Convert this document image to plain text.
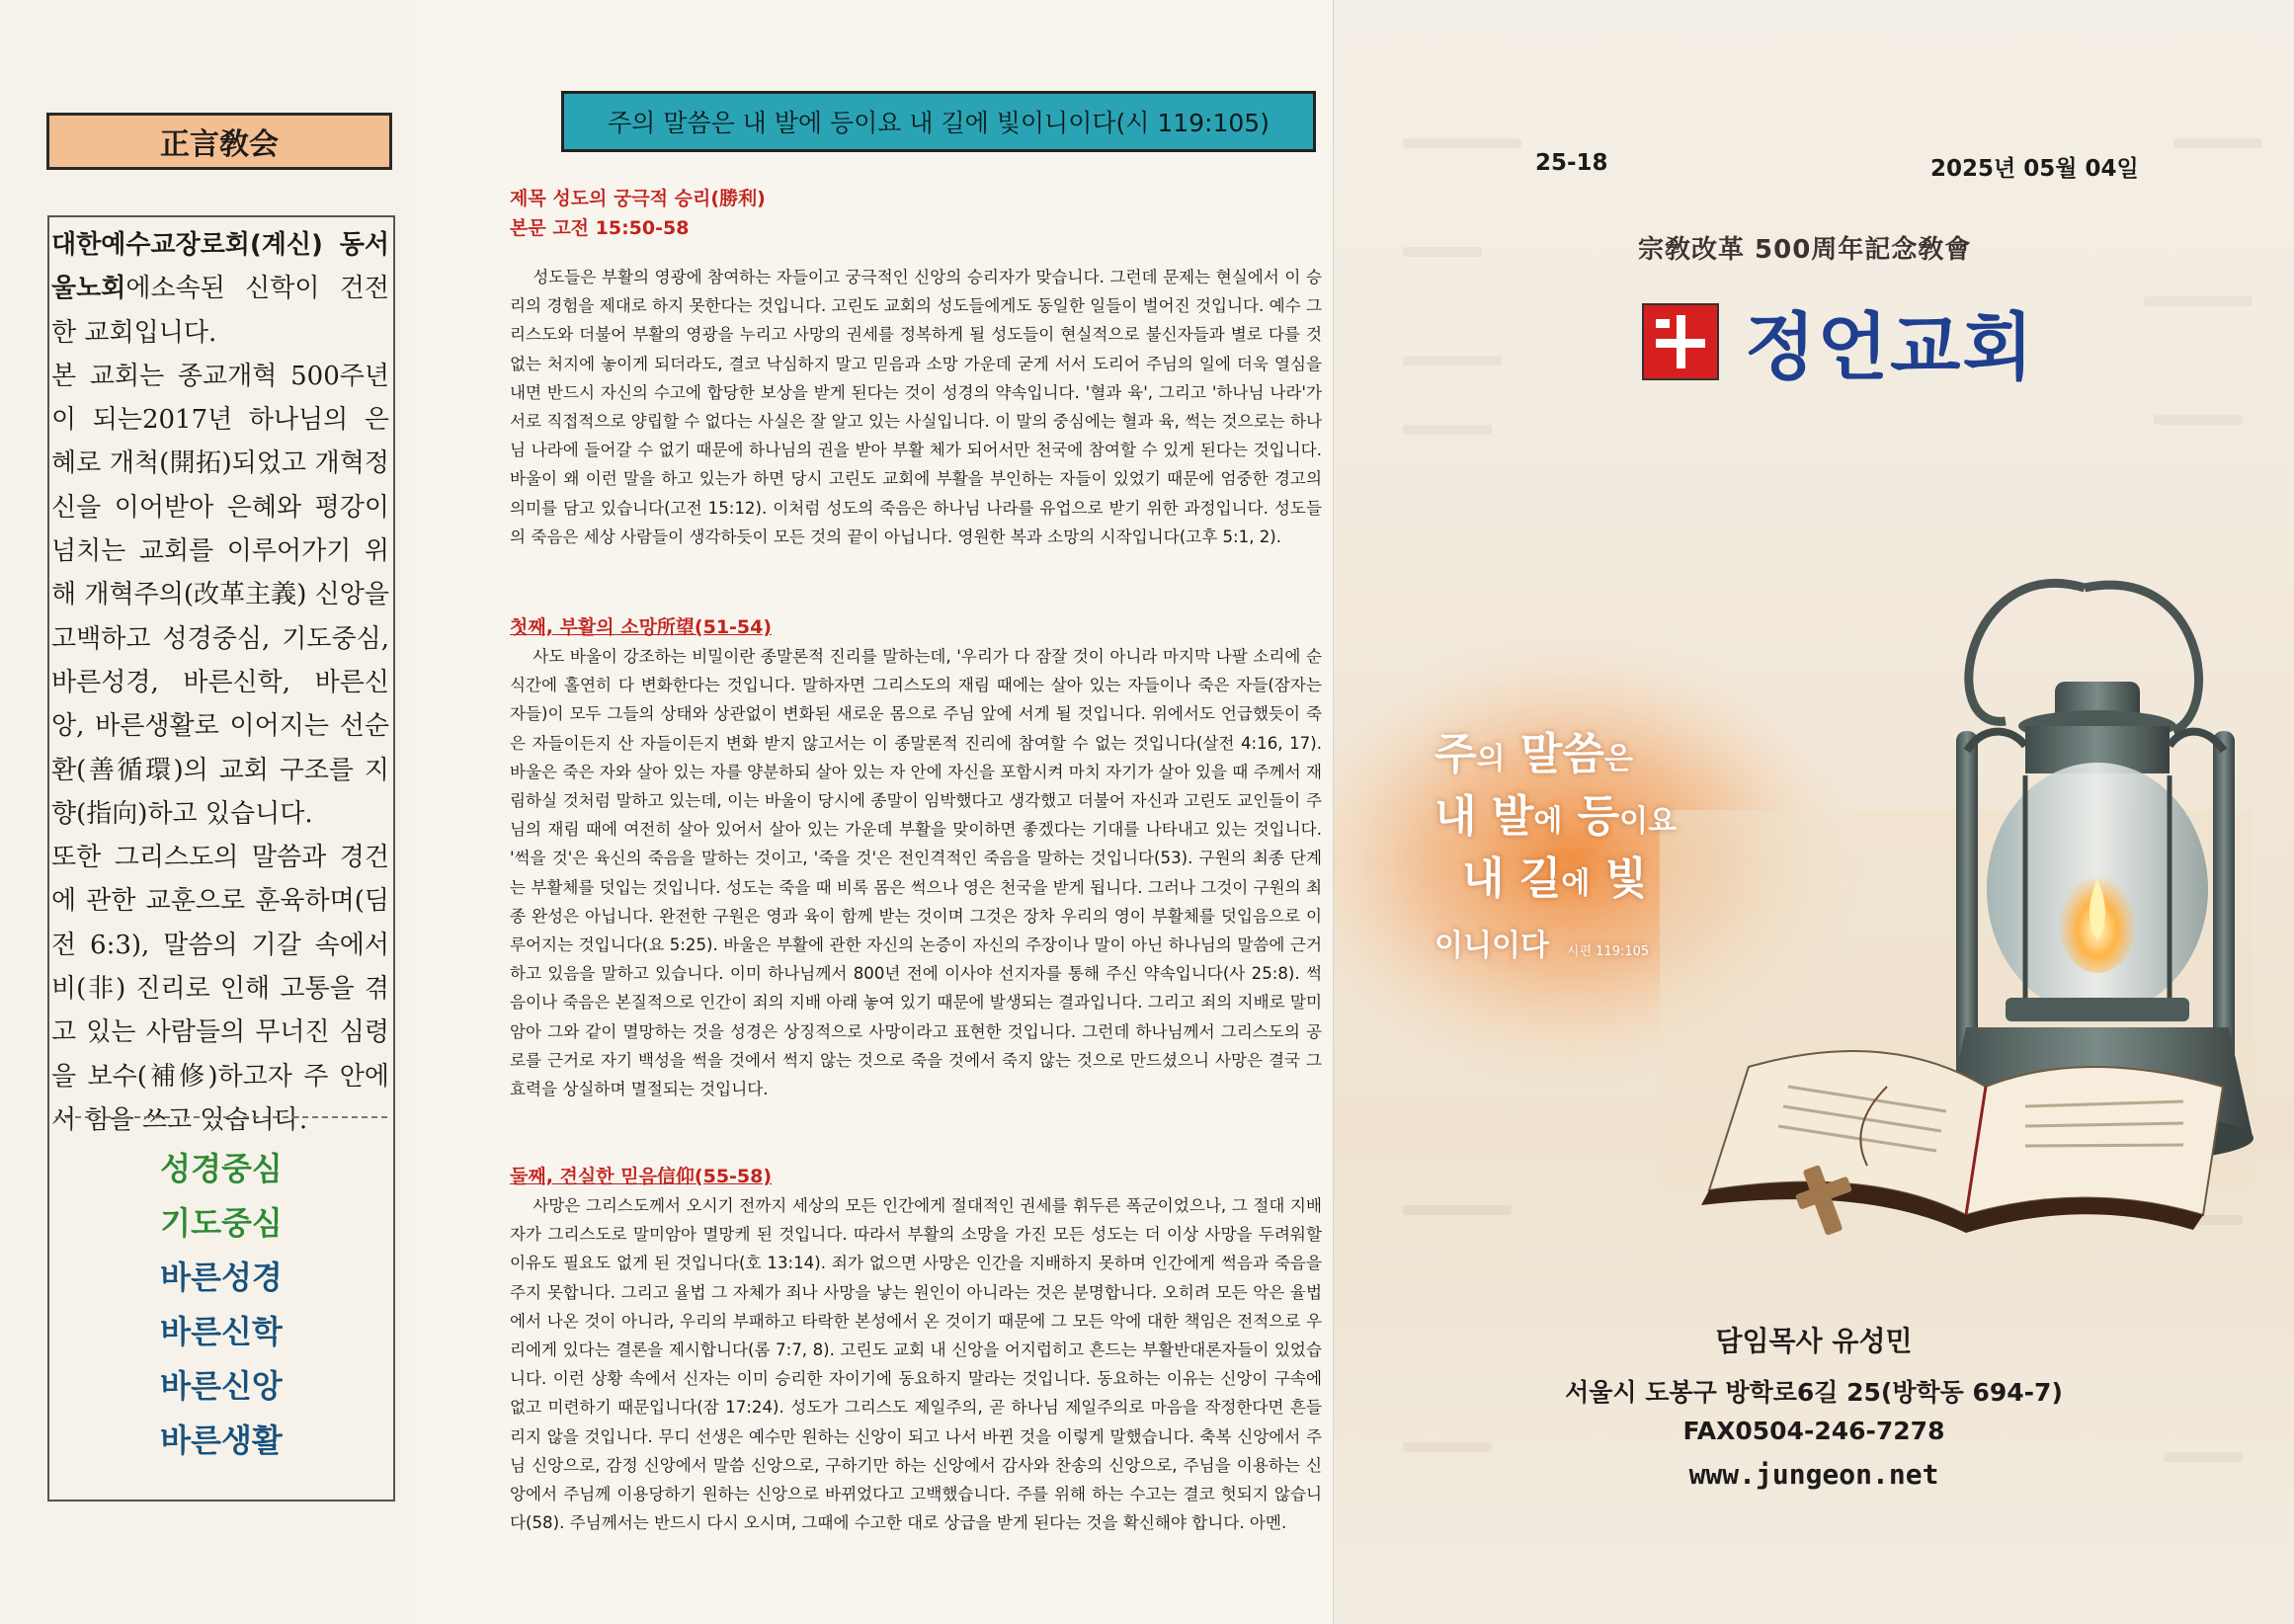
正言敎会

대한예수교장로회(계신) 동서울노회에소속된 신학이 건전한 교회입니다.

본 교회는 종교개혁 500주년이 되는2017년 하나님의 은혜로 개척(開拓)되었고 개혁정신을 이어받아 은혜와 평강이 넘치는 교회를 이루어가기 위해 개혁주의(改革主義) 신앙을 고백하고 성경중심, 기도중심, 바른성경, 바른신학, 바른신앙, 바른생활로 이어지는 선순환(善循環)의 교회 구조를 지향(指向)하고 있습니다.

또한 그리스도의 말씀과 경건에 관한 교훈으로 훈육하며(딤전 6:3), 말씀의 기갈 속에서 비(非) 진리로 인해 고통을 겪고 있는 사람들의 무너진 심령을 보수(補修)하고자 주 안에서 힘을 쓰고 있습니다.

성경중심
기도중심
바른성경
바른신학
바른신앙
바른생활
주의 말씀은 내 발에 등이요 내 길에 빛이니이다(시 119:105)
제목 성도의 궁극적 승리(勝利)
본문 고전 15:50-58

성도들은 부활의 영광에 참여하는 자들이고 궁극적인 신앙의 승리자가 맞습니다. 그런데 문제는 현실에서 이 승리의 경험을 제대로 하지 못한다는 것입니다. 고린도 교회의 성도들에게도 동일한 일들이 벌어진 것입니다. 예수 그리스도와 더불어 부활의 영광을 누리고 사망의 권세를 정복하게 될 성도들이 현실적으로 불신자들과 별로 다를 것 없는 처지에 놓이게 되더라도, 결코 낙심하지 말고 믿음과 소망 가운데 굳게 서서 도리어 주님의 일에 더욱 열심을 내면 반드시 자신의 수고에 합당한 보상을 받게 된다는 것이 성경의 약속입니다. '혈과 육', 그리고 '하나님 나라'가 서로 직접적으로 양립할 수 없다는 사실은 잘 알고 있는 사실입니다. 이 말의 중심에는 혈과 육, 썩는 것으로는 하나님 나라에 들어갈 수 없기 때문에 하나님의 권을 받아 부활 체가 되어서만 천국에 참여할 수 있게 된다는 것입니다. 바울이 왜 이런 말을 하고 있는가 하면 당시 고린도 교회에 부활을 부인하는 자들이 있었기 때문에 엄중한 경고의 의미를 담고 있습니다(고전 15:12). 이처럼 성도의 죽음은 하나님 나라를 유업으로 받기 위한 과정입니다. 성도들의 죽음은 세상 사람들이 생각하듯이 모든 것의 끝이 아닙니다. 영원한 복과 소망의 시작입니다(고후 5:1, 2).

첫째, 부활의 소망所望(51-54)

사도 바울이 강조하는 비밀이란 종말론적 진리를 말하는데, '우리가 다 잠잘 것이 아니라 마지막 나팔 소리에 순식간에 홀연히 다 변화한다는 것입니다. 말하자면 그리스도의 재림 때에는 살아 있는 자들이나 죽은 자들(잠자는 자들)이 모두 그들의 상태와 상관없이 변화된 새로운 몸으로 주님 앞에 서게 될 것입니다. 위에서도 언급했듯이 죽은 자들이든지 산 자들이든지 변화 받지 않고서는 이 종말론적 진리에 참여할 수 없는 것입니다(살전 4:16, 17). 바울은 죽은 자와 살아 있는 자를 양분하되 살아 있는 자 안에 자신을 포함시켜 마치 자기가 살아 있을 때 주께서 재림하실 것처럼 말하고 있는데, 이는 바울이 당시에 종말이 임박했다고 생각했고 더불어 자신과 고린도 교인들이 주님의 재림 때에 여전히 살아 있어서 살아 있는 가운데 부활을 맞이하면 좋겠다는 기대를 나타내고 있는 것입니다. '썩을 것'은 육신의 죽음을 말하는 것이고, '죽을 것'은 전인격적인 죽음을 말하는 것입니다(53). 구원의 최종 단계는 부활체를 덧입는 것입니다. 성도는 죽을 때 비록 몸은 썩으나 영은 천국을 받게 됩니다. 그러나 그것이 구원의 최종 완성은 아닙니다. 완전한 구원은 영과 육이 함께 받는 것이며 그것은 장차 우리의 영이 부활체를 덧입음으로 이루어지는 것입니다(요 5:25). 바울은 부활에 관한 자신의 논증이 자신의 주장이나 말이 아닌 하나님의 말씀에 근거하고 있음을 말하고 있습니다. 이미 하나님께서 800년 전에 이사야 선지자를 통해 주신 약속입니다(사 25:8). 썩음이나 죽음은 본질적으로 인간이 죄의 지배 아래 놓여 있기 때문에 발생되는 결과입니다. 그리고 죄의 지배로 말미암아 그와 같이 멸망하는 것을 성경은 상징적으로 사망이라고 표현한 것입니다. 그런데 하나님께서 그리스도의 공로를 근거로 자기 백성을 썩을 것에서 썩지 않는 것으로 죽을 것에서 죽지 않는 것으로 만드셨으니 사망은 결국 그 효력을 상실하며 멸절되는 것입니다.

둘째, 견실한 믿음信仰(55-58)

사망은 그리스도께서 오시기 전까지 세상의 모든 인간에게 절대적인 권세를 휘두른 폭군이었으나, 그 절대 지배자가 그리스도로 말미암아 멸망케 된 것입니다. 따라서 부활의 소망을 가진 모든 성도는 더 이상 사망을 두려워할 이유도 필요도 없게 된 것입니다(호 13:14). 죄가 없으면 사망은 인간을 지배하지 못하며 인간에게 썩음과 죽음을 주지 못합니다. 그리고 율법 그 자체가 죄나 사망을 낳는 원인이 아니라는 것은 분명합니다. 오히려 모든 악은 율법에서 나온 것이 아니라, 우리의 부패하고 타락한 본성에서 온 것이기 때문에 그 모든 악에 대한 책임은 전적으로 우리에게 있다는 결론을 제시합니다(롬 7:7, 8). 고린도 교회 내 신앙을 어지럽히고 흔드는 부활반대론자들이 있었습니다. 이런 상황 속에서 신자는 이미 승리한 자이기에 동요하지 말라는 것입니다. 동요하는 이유는 신앙이 구속에 없고 미련하기 때문입니다(잠 17:24). 성도가 그리스도 제일주의, 곧 하나님 제일주의로 마음을 작정한다면 흔들리지 않을 것입니다. 무디 선생은 예수만 원하는 신앙이 되고 나서 바뀐 것을 이렇게 말했습니다. 축복 신앙에서 주님 신앙으로, 감정 신앙에서 말씀 신앙으로, 구하기만 하는 신앙에서 감사와 찬송의 신앙으로, 주님을 이용하는 신앙에서 주님께 이용당하기 원하는 신앙으로 바뀌었다고 고백했습니다. 주를 위해 하는 수고는 결코 헛되지 않습니다(58). 주님께서는 반드시 다시 오시며, 그때에 수고한 대로 상급을 받게 된다는 것을 확신해야 합니다. 아멘.

25-18	2025년 05월 04일
宗敎改革 500周年記念敎會
정언교회
주의 말씀은
내 발에 등이요
내 길에 빛
이니이다 시편 119:105
담임목사 유성민
서울시 도봉구 방학로6길 25(방학동 694-7)
FAX0504-246-7278
www.jungeon.net
